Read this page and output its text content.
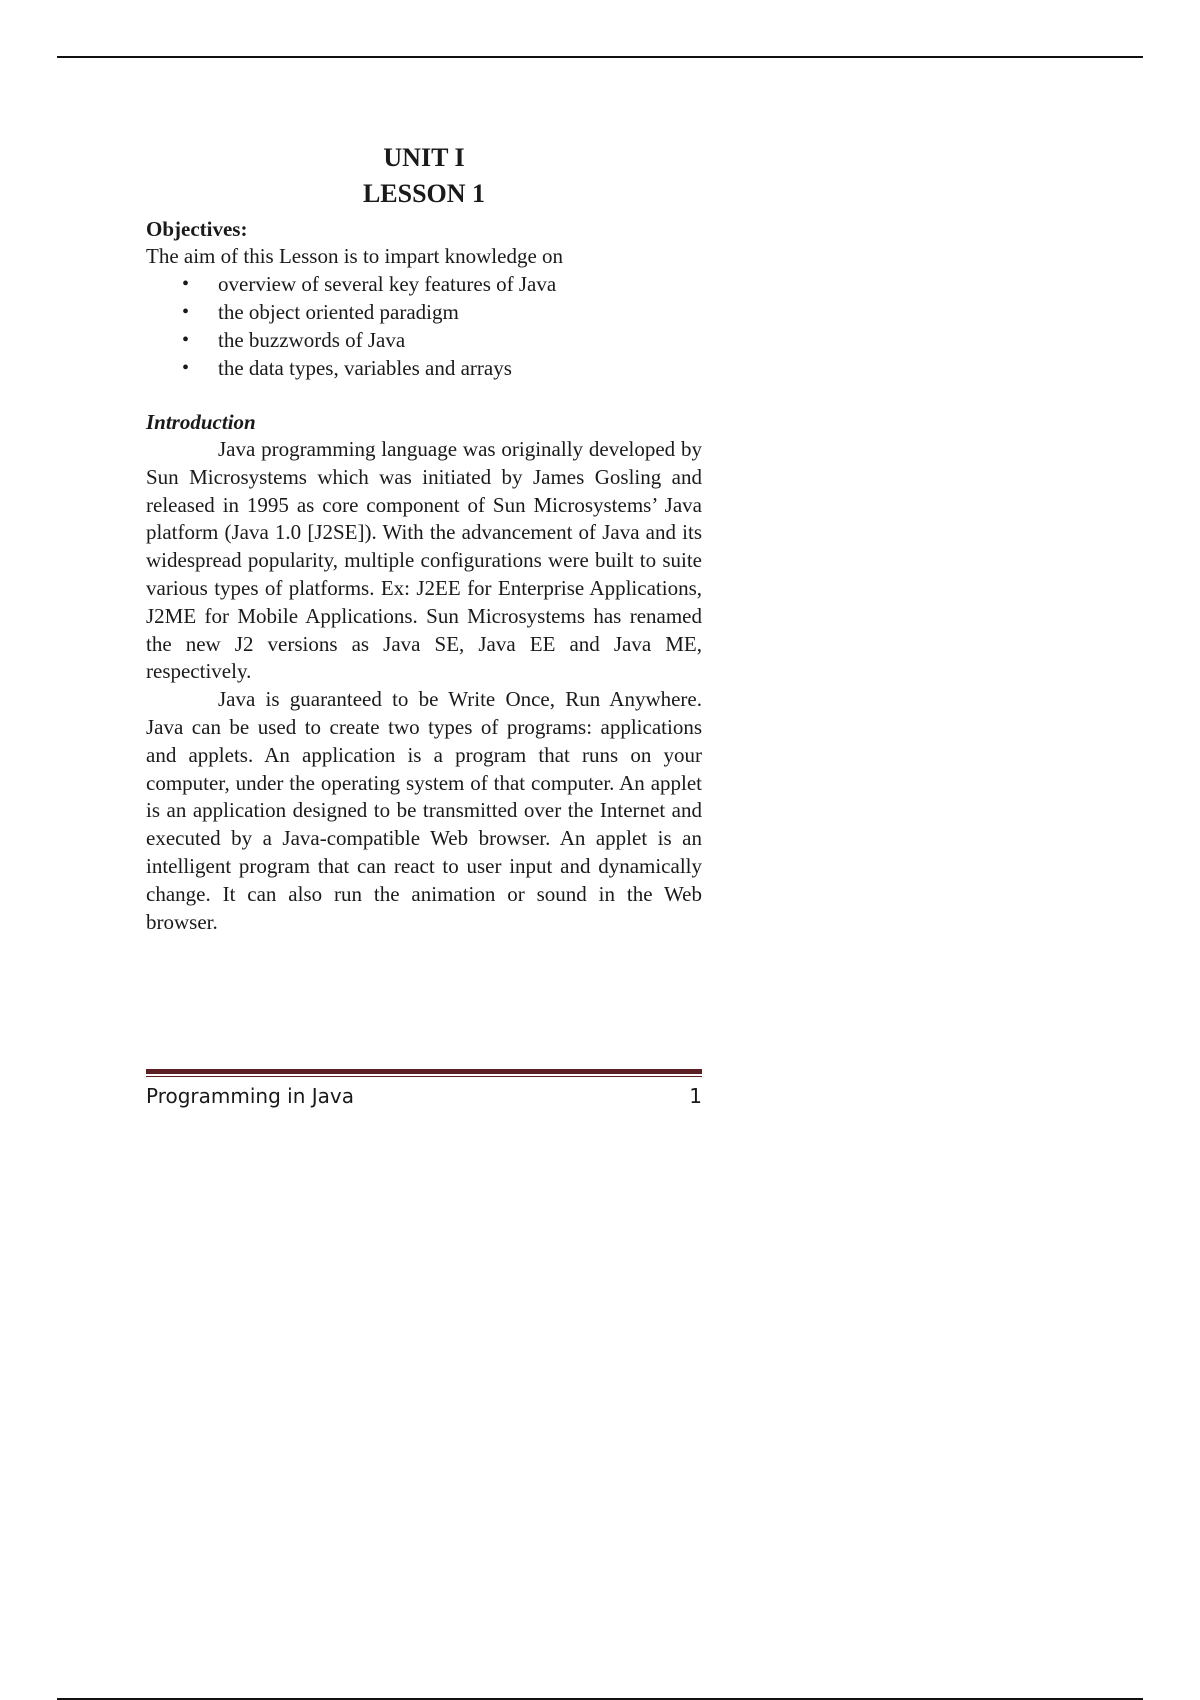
UNIT I
LESSON 1
Objectives:
The aim of this Lesson is to impart knowledge on
• overview of several key features of Java
• the object oriented paradigm
• the buzzwords of Java
• the data types, variables and arrays
Introduction

Java programming language was originally developed by Sun Microsystems which was initiated by James Gosling and released in 1995 as core component of Sun Microsystems’ Java platform (Java 1.0 [J2SE]). With the advancement of Java and its widespread popularity, multiple configurations were built to suite various types of platforms. Ex: J2EE for Enterprise Applications, J2ME for Mobile Applications. Sun Microsystems has renamed the new J2 versions as Java SE, Java EE and Java ME, respectively.

Java is guaranteed to be Write Once, Run Anywhere. Java can be used to create two types of programs: applications and applets. An application is a program that runs on your computer, under the operating system of that computer. An applet is an application designed to be transmitted over the Internet and executed by a Java-compatible Web browser. An applet is an intelligent program that can react to user input and dynamically change. It can also run the animation or sound in the Web browser.

Programming in Java	1
